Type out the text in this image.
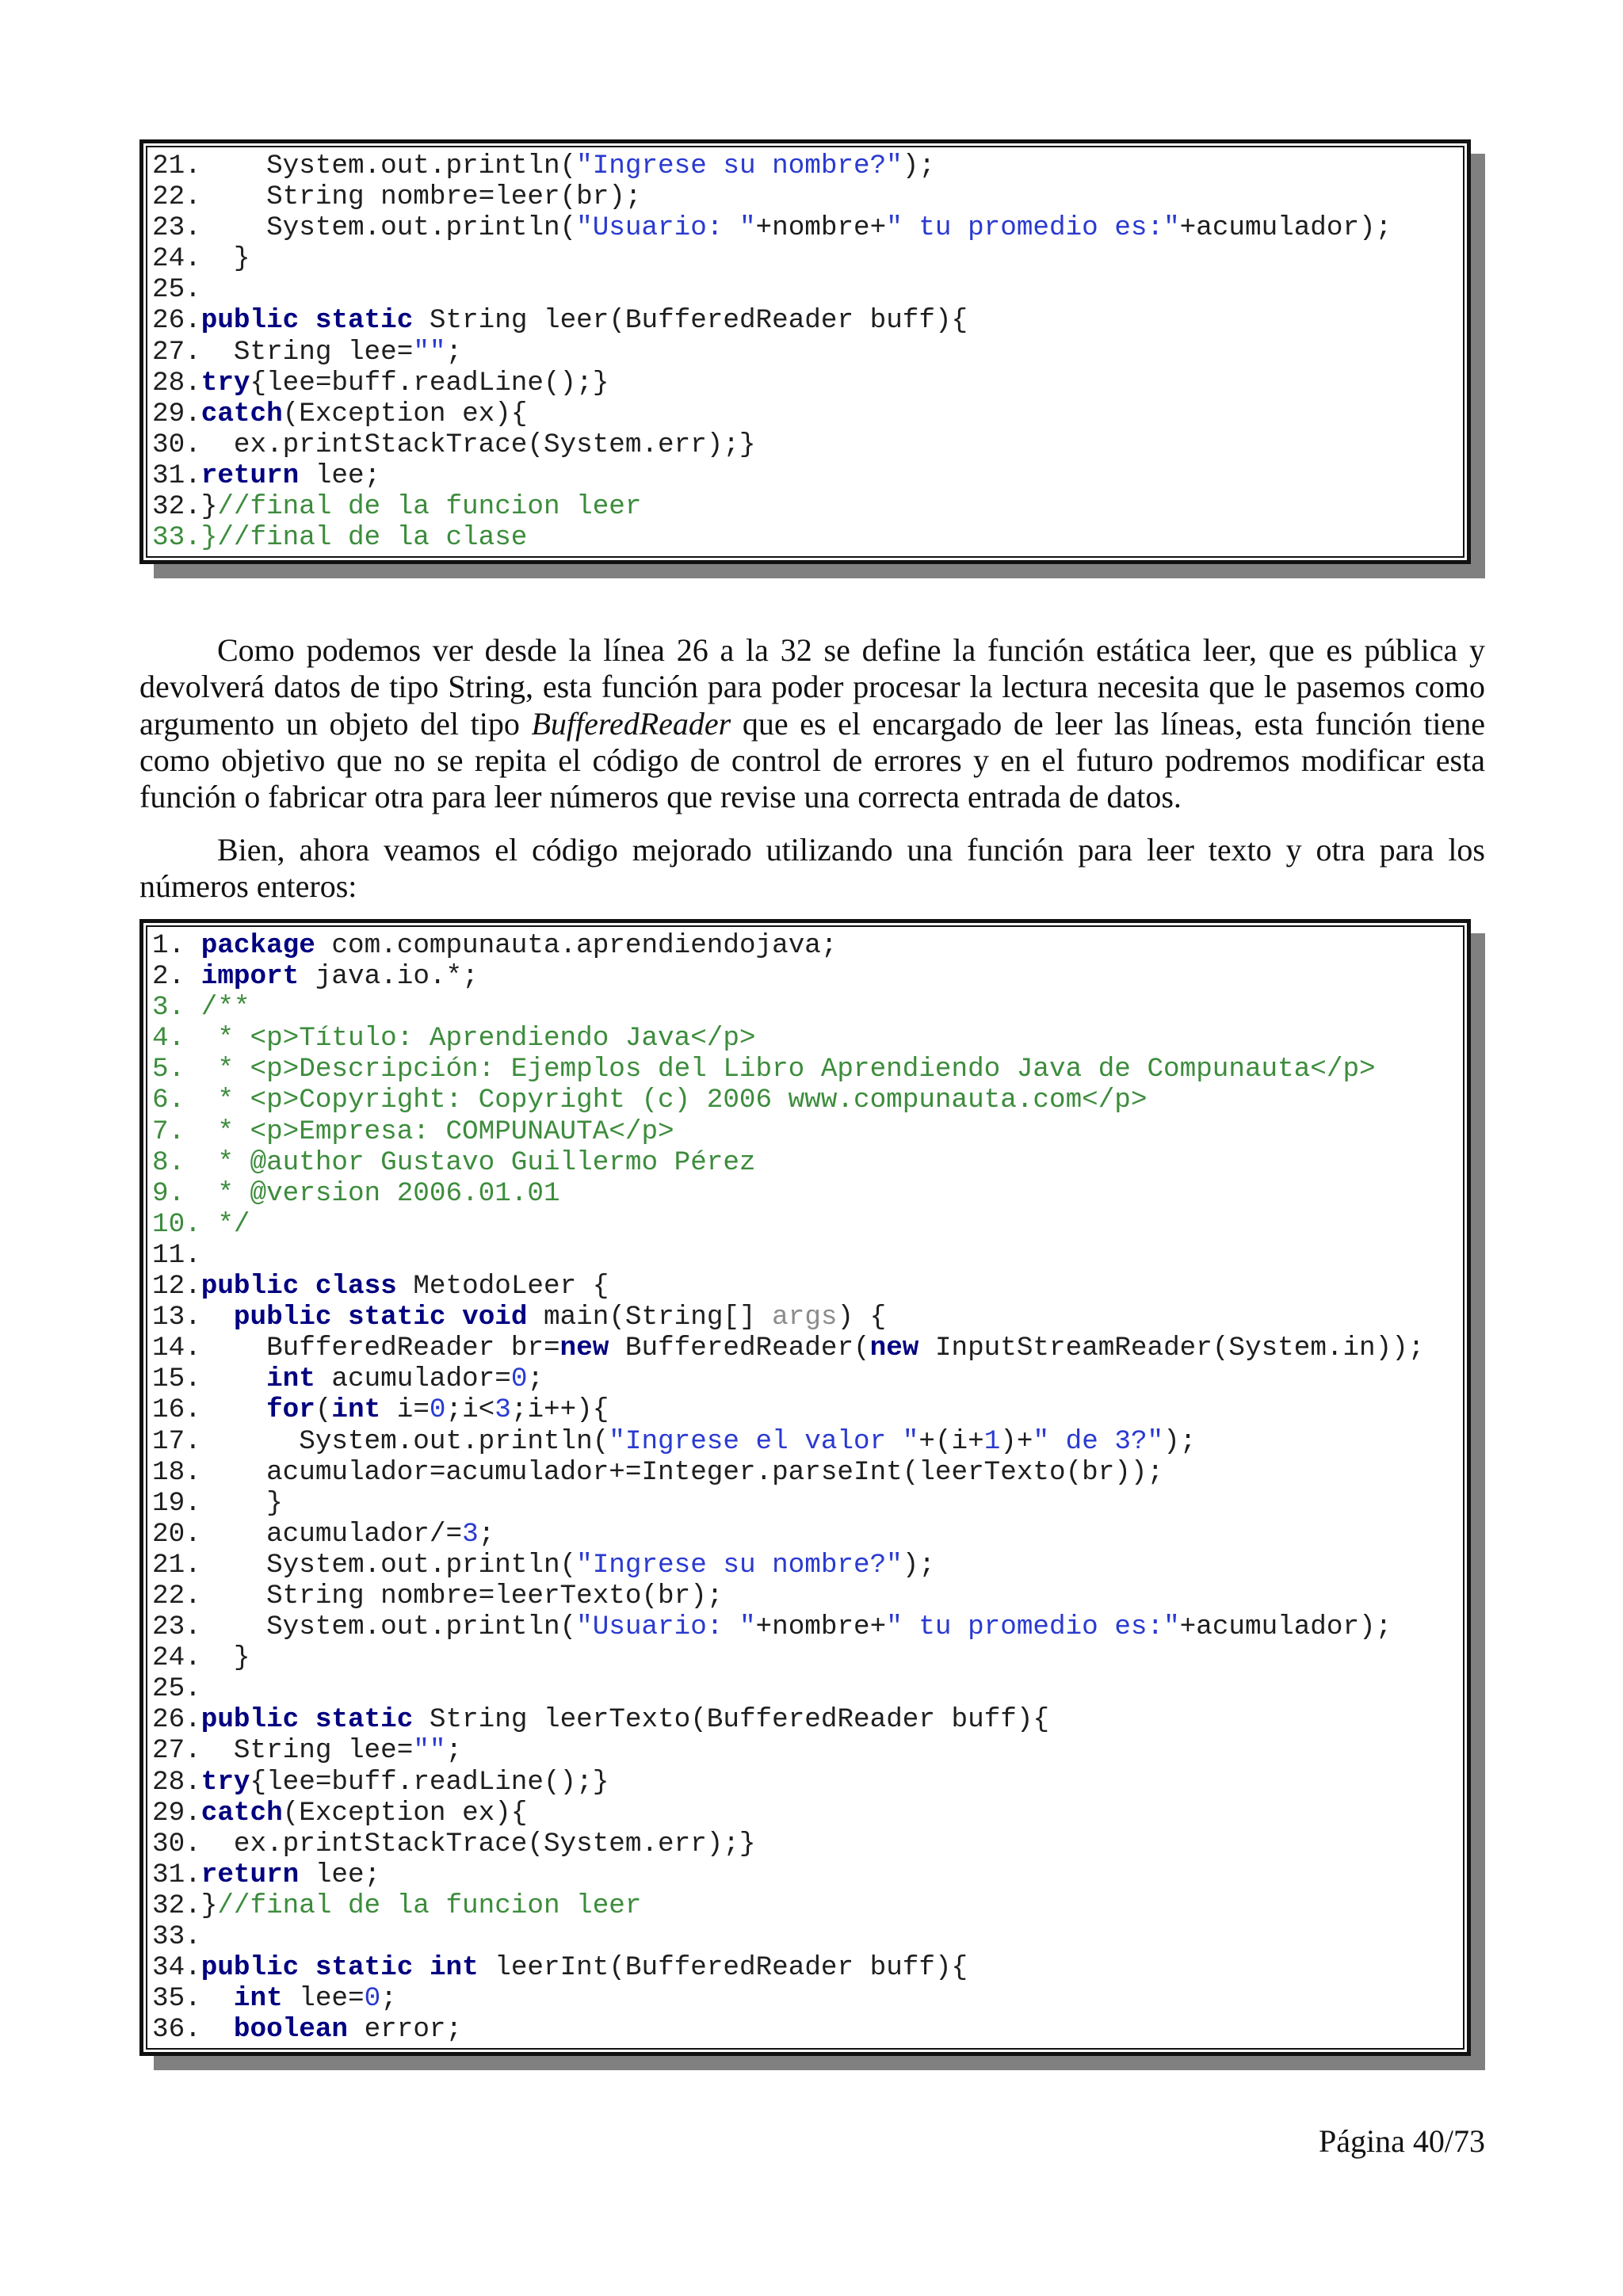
21.    System.out.println("Ingrese su nombre?");
22.    String nombre=leer(br);
23.    System.out.println("Usuario: "+nombre+" tu promedio es:"+acumulador);
24.  }
25.
26.public static String leer(BufferedReader buff){
27.  String lee="";
28.try{lee=buff.readLine();}
29.catch(Exception ex){
30.  ex.printStackTrace(System.err);}
31.return lee;
32.}//final de la funcion leer
33.}//final de la clase
Como podemos ver desde la línea 26 a la 32 se define la función estática leer, que es pública y
devolverá datos de tipo String, esta función para poder procesar la lectura necesita que le pasemos como
argumento un objeto del tipo BufferedReader que es el encargado de leer las líneas, esta función tiene
como objetivo que no se repita el código de control de errores y en el futuro podremos modificar esta
función o fabricar otra para leer números que revise una correcta entrada de datos.
Bien, ahora veamos el código mejorado utilizando una función para leer texto y otra para los
números enteros:
1. package com.compunauta.aprendiendojava;
2. import java.io.*;
3. /**
4.  * <p>Título: Aprendiendo Java</p>
5.  * <p>Descripción: Ejemplos del Libro Aprendiendo Java de Compunauta</p>
6.  * <p>Copyright: Copyright (c) 2006 www.compunauta.com</p>
7.  * <p>Empresa: COMPUNAUTA</p>
8.  * @author Gustavo Guillermo Pérez
9.  * @version 2006.01.01
10. */
11.
12.public class MetodoLeer {
13.  public static void main(String[] args) {
14.    BufferedReader br=new BufferedReader(new InputStreamReader(System.in));
15.    int acumulador=0;
16.    for(int i=0;i<3;i++){
17.      System.out.println("Ingrese el valor "+(i+1)+" de 3?");
18.    acumulador=acumulador+=Integer.parseInt(leerTexto(br));
19.    }
20.    acumulador/=3;
21.    System.out.println("Ingrese su nombre?");
22.    String nombre=leerTexto(br);
23.    System.out.println("Usuario: "+nombre+" tu promedio es:"+acumulador);
24.  }
25.
26.public static String leerTexto(BufferedReader buff){
27.  String lee="";
28.try{lee=buff.readLine();}
29.catch(Exception ex){
30.  ex.printStackTrace(System.err);}
31.return lee;
32.}//final de la funcion leer
33.
34.public static int leerInt(BufferedReader buff){
35.  int lee=0;
36.  boolean error;
Página 40/73
